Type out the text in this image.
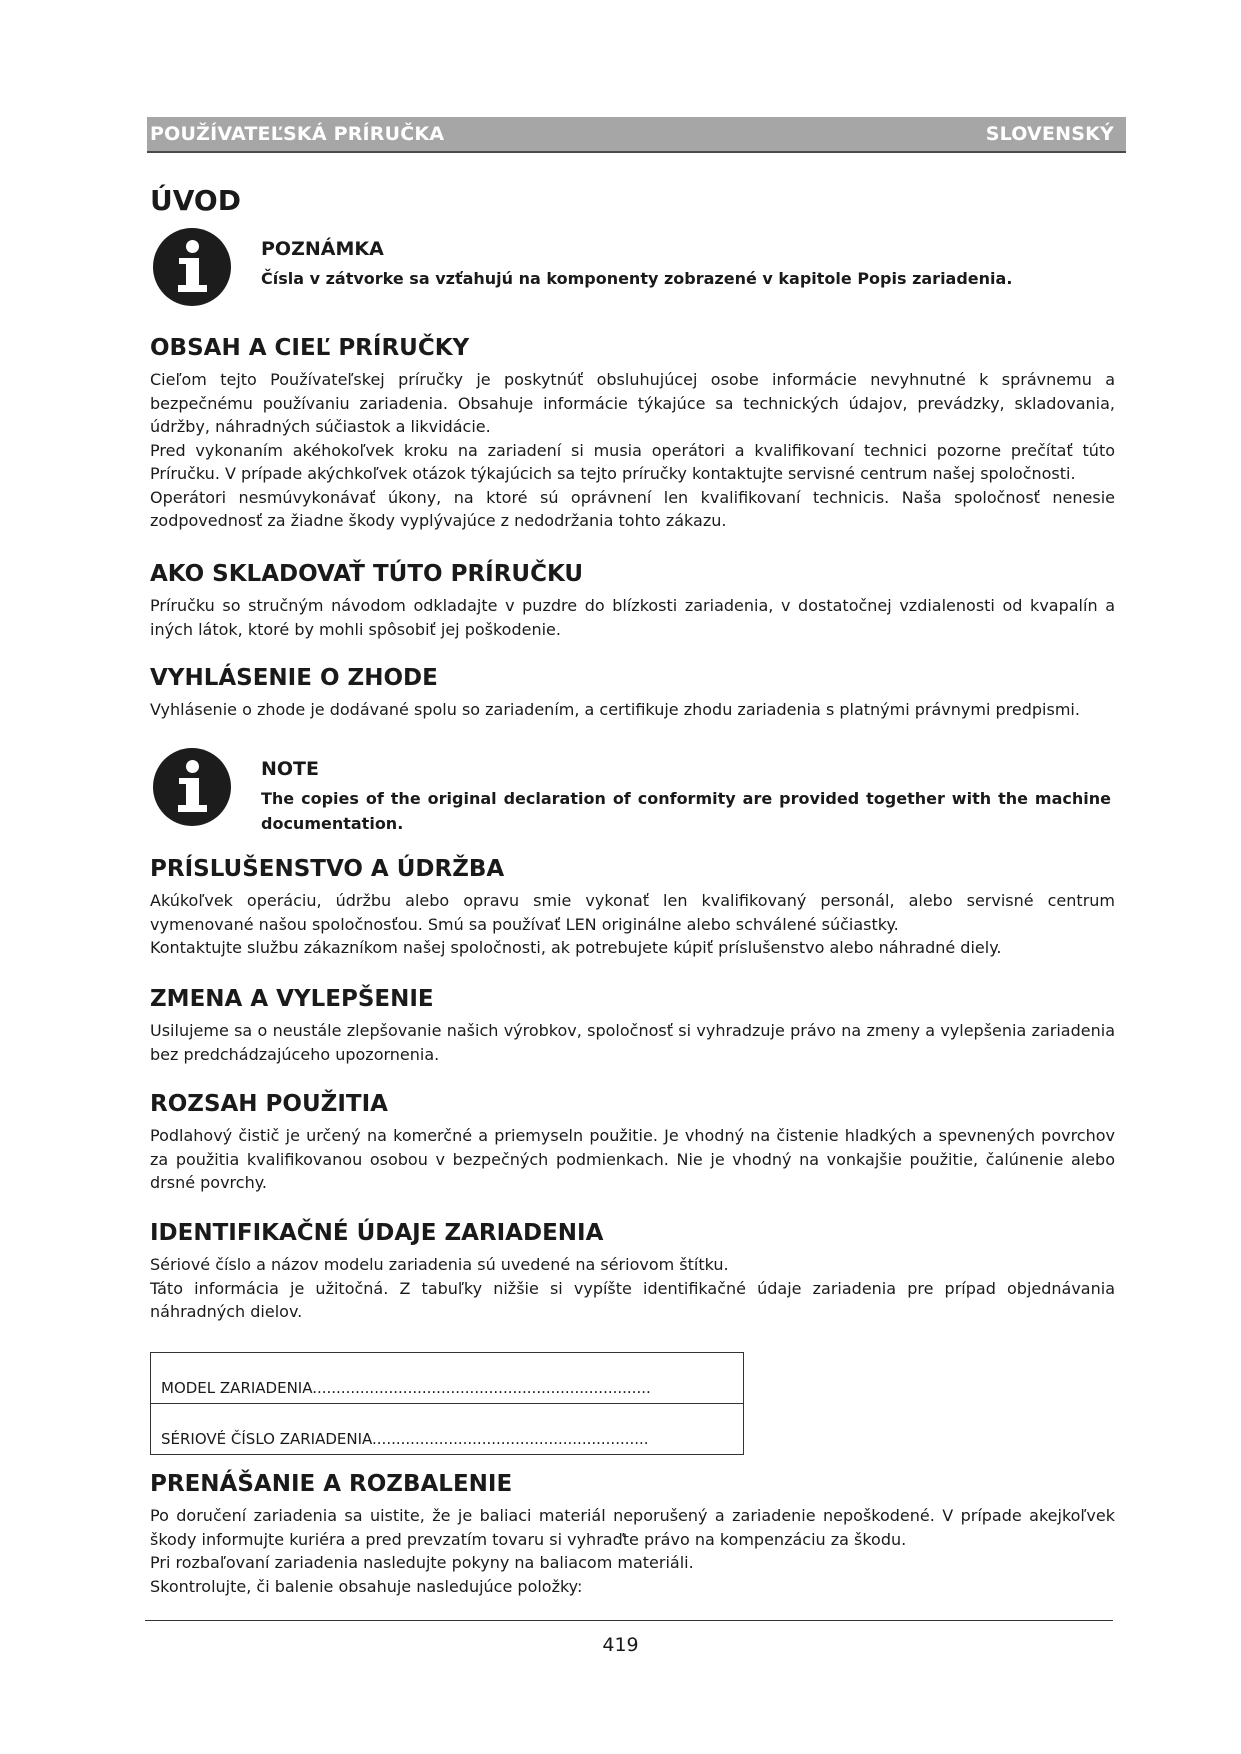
POUŽÍVATEĽSKÁ PRÍRUČKA	SLOVENSKÝ
ÚVOD
POZNÁMKA

Čísla v zátvorke sa vzťahujú na komponenty zobrazené v kapitole Popis zariadenia.

OBSAH A CIEĽ PRÍRUČKY

Cieľom tejto Používateľskej príručky je poskytnúť obsluhujúcej osobe informácie nevyhnutné k správnemu a bezpečnému používaniu zariadenia. Obsahuje informácie týkajúce sa technických údajov, prevádzky, skladovania, údržby, náhradných súčiastok a likvidácie.

Pred vykonaním akéhokoľvek kroku na zariadení si musia operátori a kvalifikovaní technici pozorne prečítať túto Príručku. V prípade akýchkoľvek otázok týkajúcich sa tejto príručky kontaktujte servisné centrum našej spoločnosti.

Operátori nesmúvykonávať úkony, na ktoré sú oprávnení len kvalifikovaní technicis. Naša spoločnosť nenesie zodpovednosť za žiadne škody vyplývajúce z nedodržania tohto zákazu.

AKO SKLADOVAŤ TÚTO PRÍRUČKU

Príručku so stručným návodom odkladajte v puzdre do blízkosti zariadenia, v dostatočnej vzdialenosti od kvapalín a iných látok, ktoré by mohli spôsobiť jej poškodenie.

VYHLÁSENIE O ZHODE

Vyhlásenie o zhode je dodávané spolu so zariadením, a certifikuje zhodu zariadenia s platnými právnymi predpismi.

NOTE

The copies of the original declaration of conformity are provided together with the machine documentation.

PRÍSLUŠENSTVO A ÚDRŽBA

Akúkoľvek operáciu, údržbu alebo opravu smie vykonať len kvalifikovaný personál, alebo servisné centrum vymenované našou spoločnosťou. Smú sa používať LEN originálne alebo schválené súčiastky.

Kontaktujte službu zákazníkom našej spoločnosti, ak potrebujete kúpiť príslušenstvo alebo náhradné diely.

ZMENA A VYLEPŠENIE

Usilujeme sa o neustále zlepšovanie našich výrobkov, spoločnosť si vyhradzuje právo na zmeny a vylepšenia zariadenia bez predchádzajúceho upozornenia.

ROZSAH POUŽITIA

Podlahový čistič je určený na komerčné a priemyseln použitie. Je vhodný na čistenie hladkých a spevnených povrchov za použitia kvalifikovanou osobou v bezpečných podmienkach. Nie je vhodný na vonkajšie použitie, čalúnenie alebo drsné povrchy.

IDENTIFIKAČNÉ ÚDAJE ZARIADENIA

Sériové číslo a názov modelu zariadenia sú uvedené na sériovom štítku.

Táto informácia je užitočná. Z tabuľky nižšie si vypíšte identifikačné údaje zariadenia pre prípad objednávania náhradných dielov.

MODEL ZARIADENIA.......................................................................
SÉRIOVÉ ČÍSLO ZARIADENIA..........................................................
PRENÁŠANIE A ROZBALENIE

Po doručení zariadenia sa uistite, že je baliaci materiál neporušený a zariadenie nepoškodené. V prípade akejkoľvek škody informujte kuriéra a pred prevzatím tovaru si vyhraďte právo na kompenzáciu za škodu.

Pri rozbaľovaní zariadenia nasledujte pokyny na baliacom materiáli.

Skontrolujte, či balenie obsahuje nasledujúce položky:

419
